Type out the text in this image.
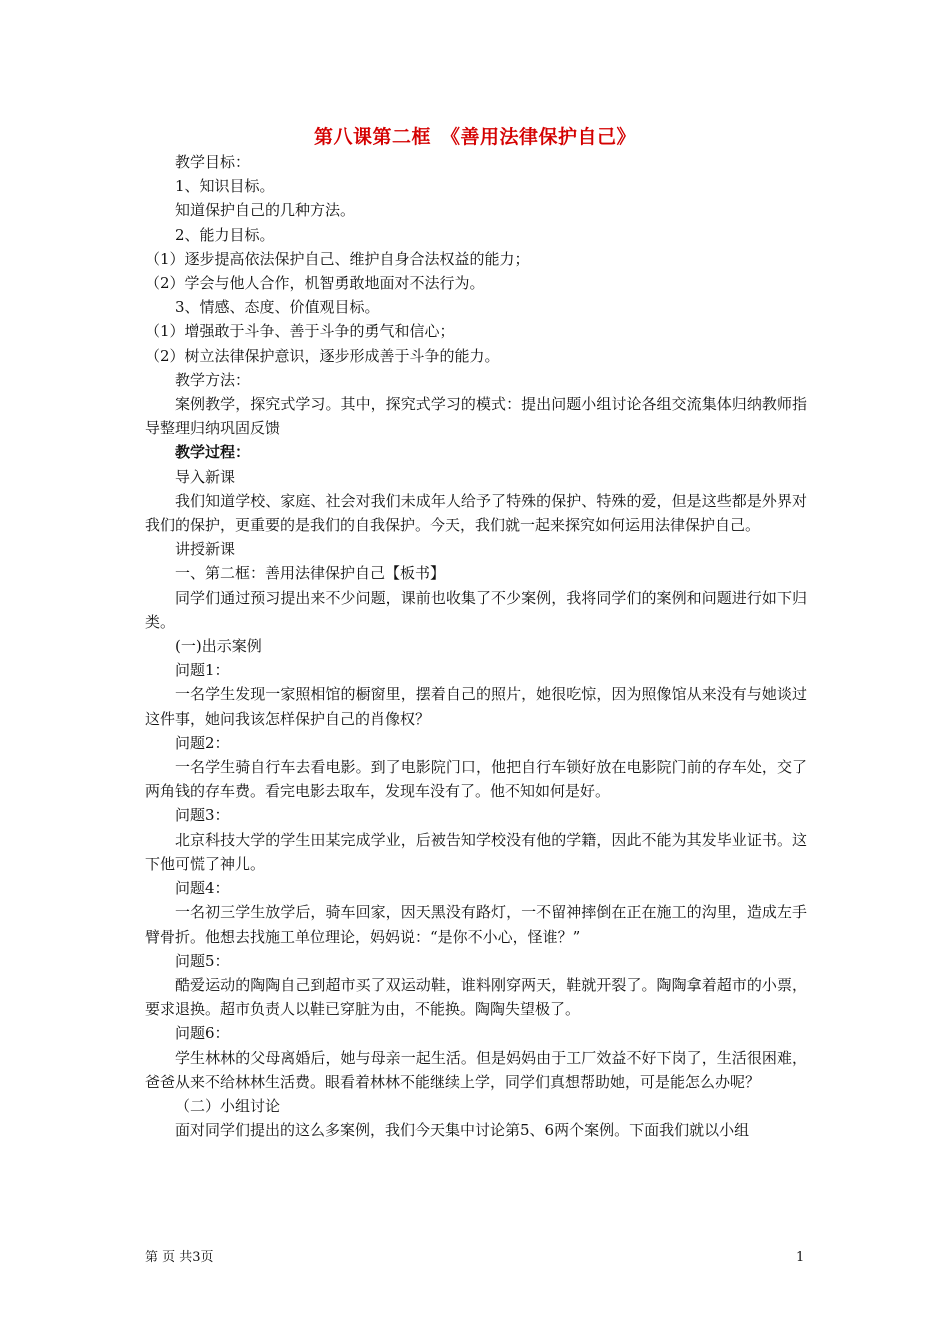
第八课第二框　《善用法律保护自己》

教学目标：

1、知识目标。

知道保护自己的几种方法。

2、能力目标。

（1）逐步提高依法保护自己、维护自身合法权益的能力；

（2）学会与他人合作，机智勇敢地面对不法行为。

3、情感、态度、价值观目标。

（1）增强敢于斗争、善于斗争的勇气和信心；

（2）树立法律保护意识，逐步形成善于斗争的能力。

教学方法：

案例教学，探究式学习。其中，探究式学习的模式：提出问题小组讨论各组交流集体归纳教师指导整理归纳巩固反馈

教学过程：

导入新课

我们知道学校、家庭、社会对我们未成年人给予了特殊的保护、特殊的爱，但是这些都是外界对我们的保护，更重要的是我们的自我保护。今天，我们就一起来探究如何运用法律保护自己。

讲授新课

一、第二框：善用法律保护自己【板书】

同学们通过预习提出来不少问题，课前也收集了不少案例，我将同学们的案例和问题进行如下归类。

(一)出示案例

问题1：

一名学生发现一家照相馆的橱窗里，摆着自己的照片，她很吃惊，因为照像馆从来没有与她谈过这件事，她问我该怎样保护自己的肖像权？

问题2：

一名学生骑自行车去看电影。到了电影院门口，他把自行车锁好放在电影院门前的存车处，交了两角钱的存车费。看完电影去取车，发现车没有了。他不知如何是好。

问题3：

北京科技大学的学生田某完成学业，后被告知学校没有他的学籍，因此不能为其发毕业证书。这下他可慌了神儿。

问题4：

一名初三学生放学后，骑车回家，因天黑没有路灯，一不留神摔倒在正在施工的沟里，造成左手臂骨折。他想去找施工单位理论，妈妈说：“是你不小心，怪谁？”

问题5：

酷爱运动的陶陶自己到超市买了双运动鞋，谁料刚穿两天，鞋就开裂了。陶陶拿着超市的小票，要求退换。超市负责人以鞋已穿脏为由，不能换。陶陶失望极了。

问题6：

学生林林的父母离婚后，她与母亲一起生活。但是妈妈由于工厂效益不好下岗了，生活很困难，爸爸从来不给林林生活费。眼看着林林不能继续上学，同学们真想帮助她，可是能怎么办呢？

（二）小组讨论

面对同学们提出的这么多案例，我们今天集中讨论第5、6两个案例。下面我们就以小组

第 页 共3页	1
